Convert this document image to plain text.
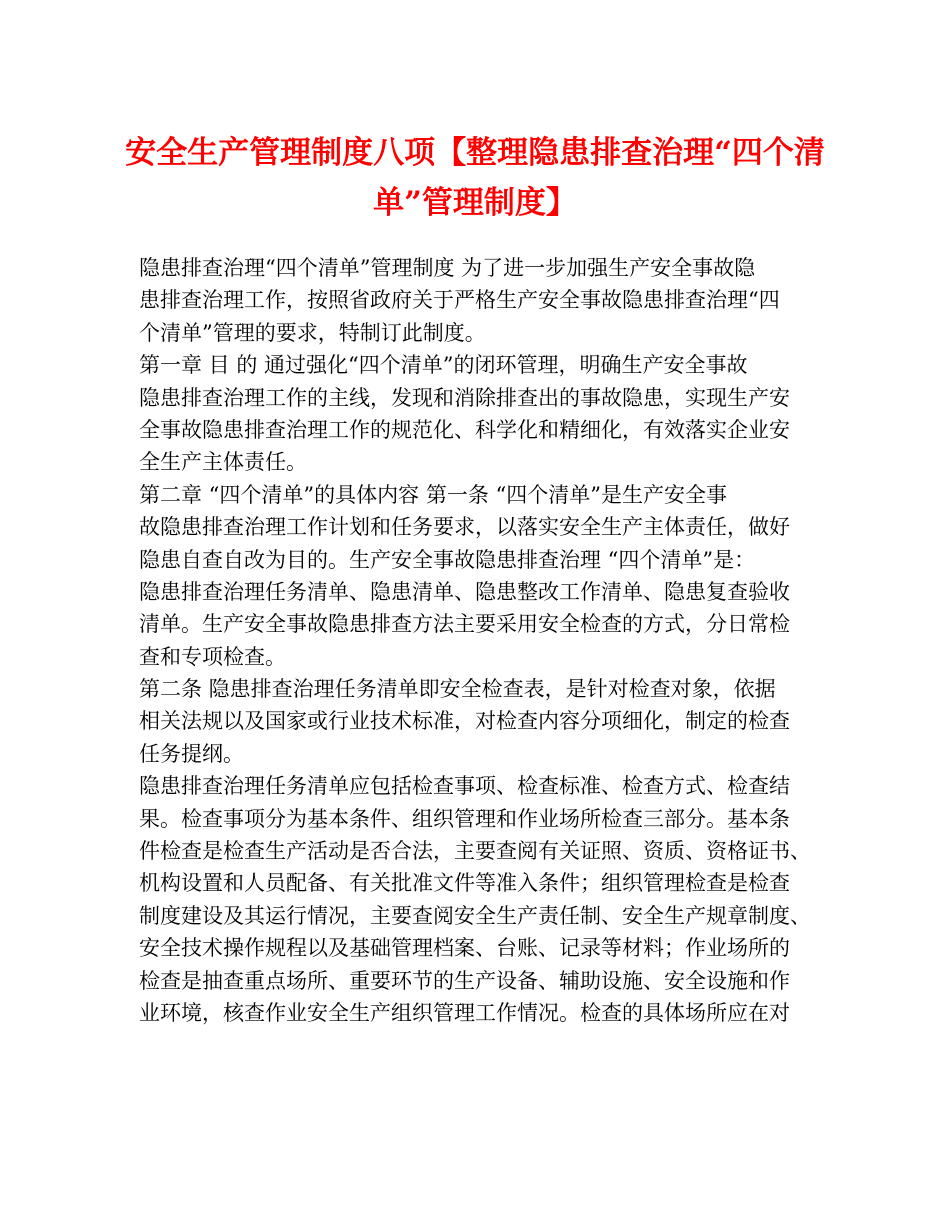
安全生产管理制度八项【整理隐患排查治理“四个清
单”管理制度】
隐患排查治理“四个清单”管理制度 为了进一步加强生产安全事故隐
患排查治理工作，按照省政府关于严格生产安全事故隐患排查治理“四
个清单”管理的要求，特制订此制度。
第一章 目 的 通过强化“四个清单”的闭环管理，明确生产安全事故
隐患排查治理工作的主线，发现和消除排查出的事故隐患，实现生产安
全事故隐患排查治理工作的规范化、科学化和精细化，有效落实企业安
全生产主体责任。
第二章 “四个清单”的具体内容 第一条 “四个清单”是生产安全事
故隐患排查治理工作计划和任务要求，以落实安全生产主体责任，做好
隐患自查自改为目的。生产安全事故隐患排查治理 “四个清单”是：
隐患排查治理任务清单、隐患清单、隐患整改工作清单、隐患复查验收
清单。生产安全事故隐患排查方法主要采用安全检查的方式，分日常检
查和专项检查。
第二条 隐患排查治理任务清单即安全检查表，是针对检查对象，依据
相关法规以及国家或行业技术标准，对检查内容分项细化，制定的检查
任务提纲。
隐患排查治理任务清单应包括检查事项、检查标准、检查方式、检查结
果。检查事项分为基本条件、组织管理和作业场所检查三部分。基本条
件检查是检查生产活动是否合法，主要查阅有关证照、资质、资格证书、
机构设置和人员配备、有关批准文件等准入条件；组织管理检查是检查
制度建设及其运行情况，主要查阅安全生产责任制、安全生产规章制度、
安全技术操作规程以及基础管理档案、台账、记录等材料；作业场所的
检查是抽查重点场所、重要环节的生产设备、辅助设施、安全设施和作
业环境，核查作业安全生产组织管理工作情况。检查的具体场所应在对
